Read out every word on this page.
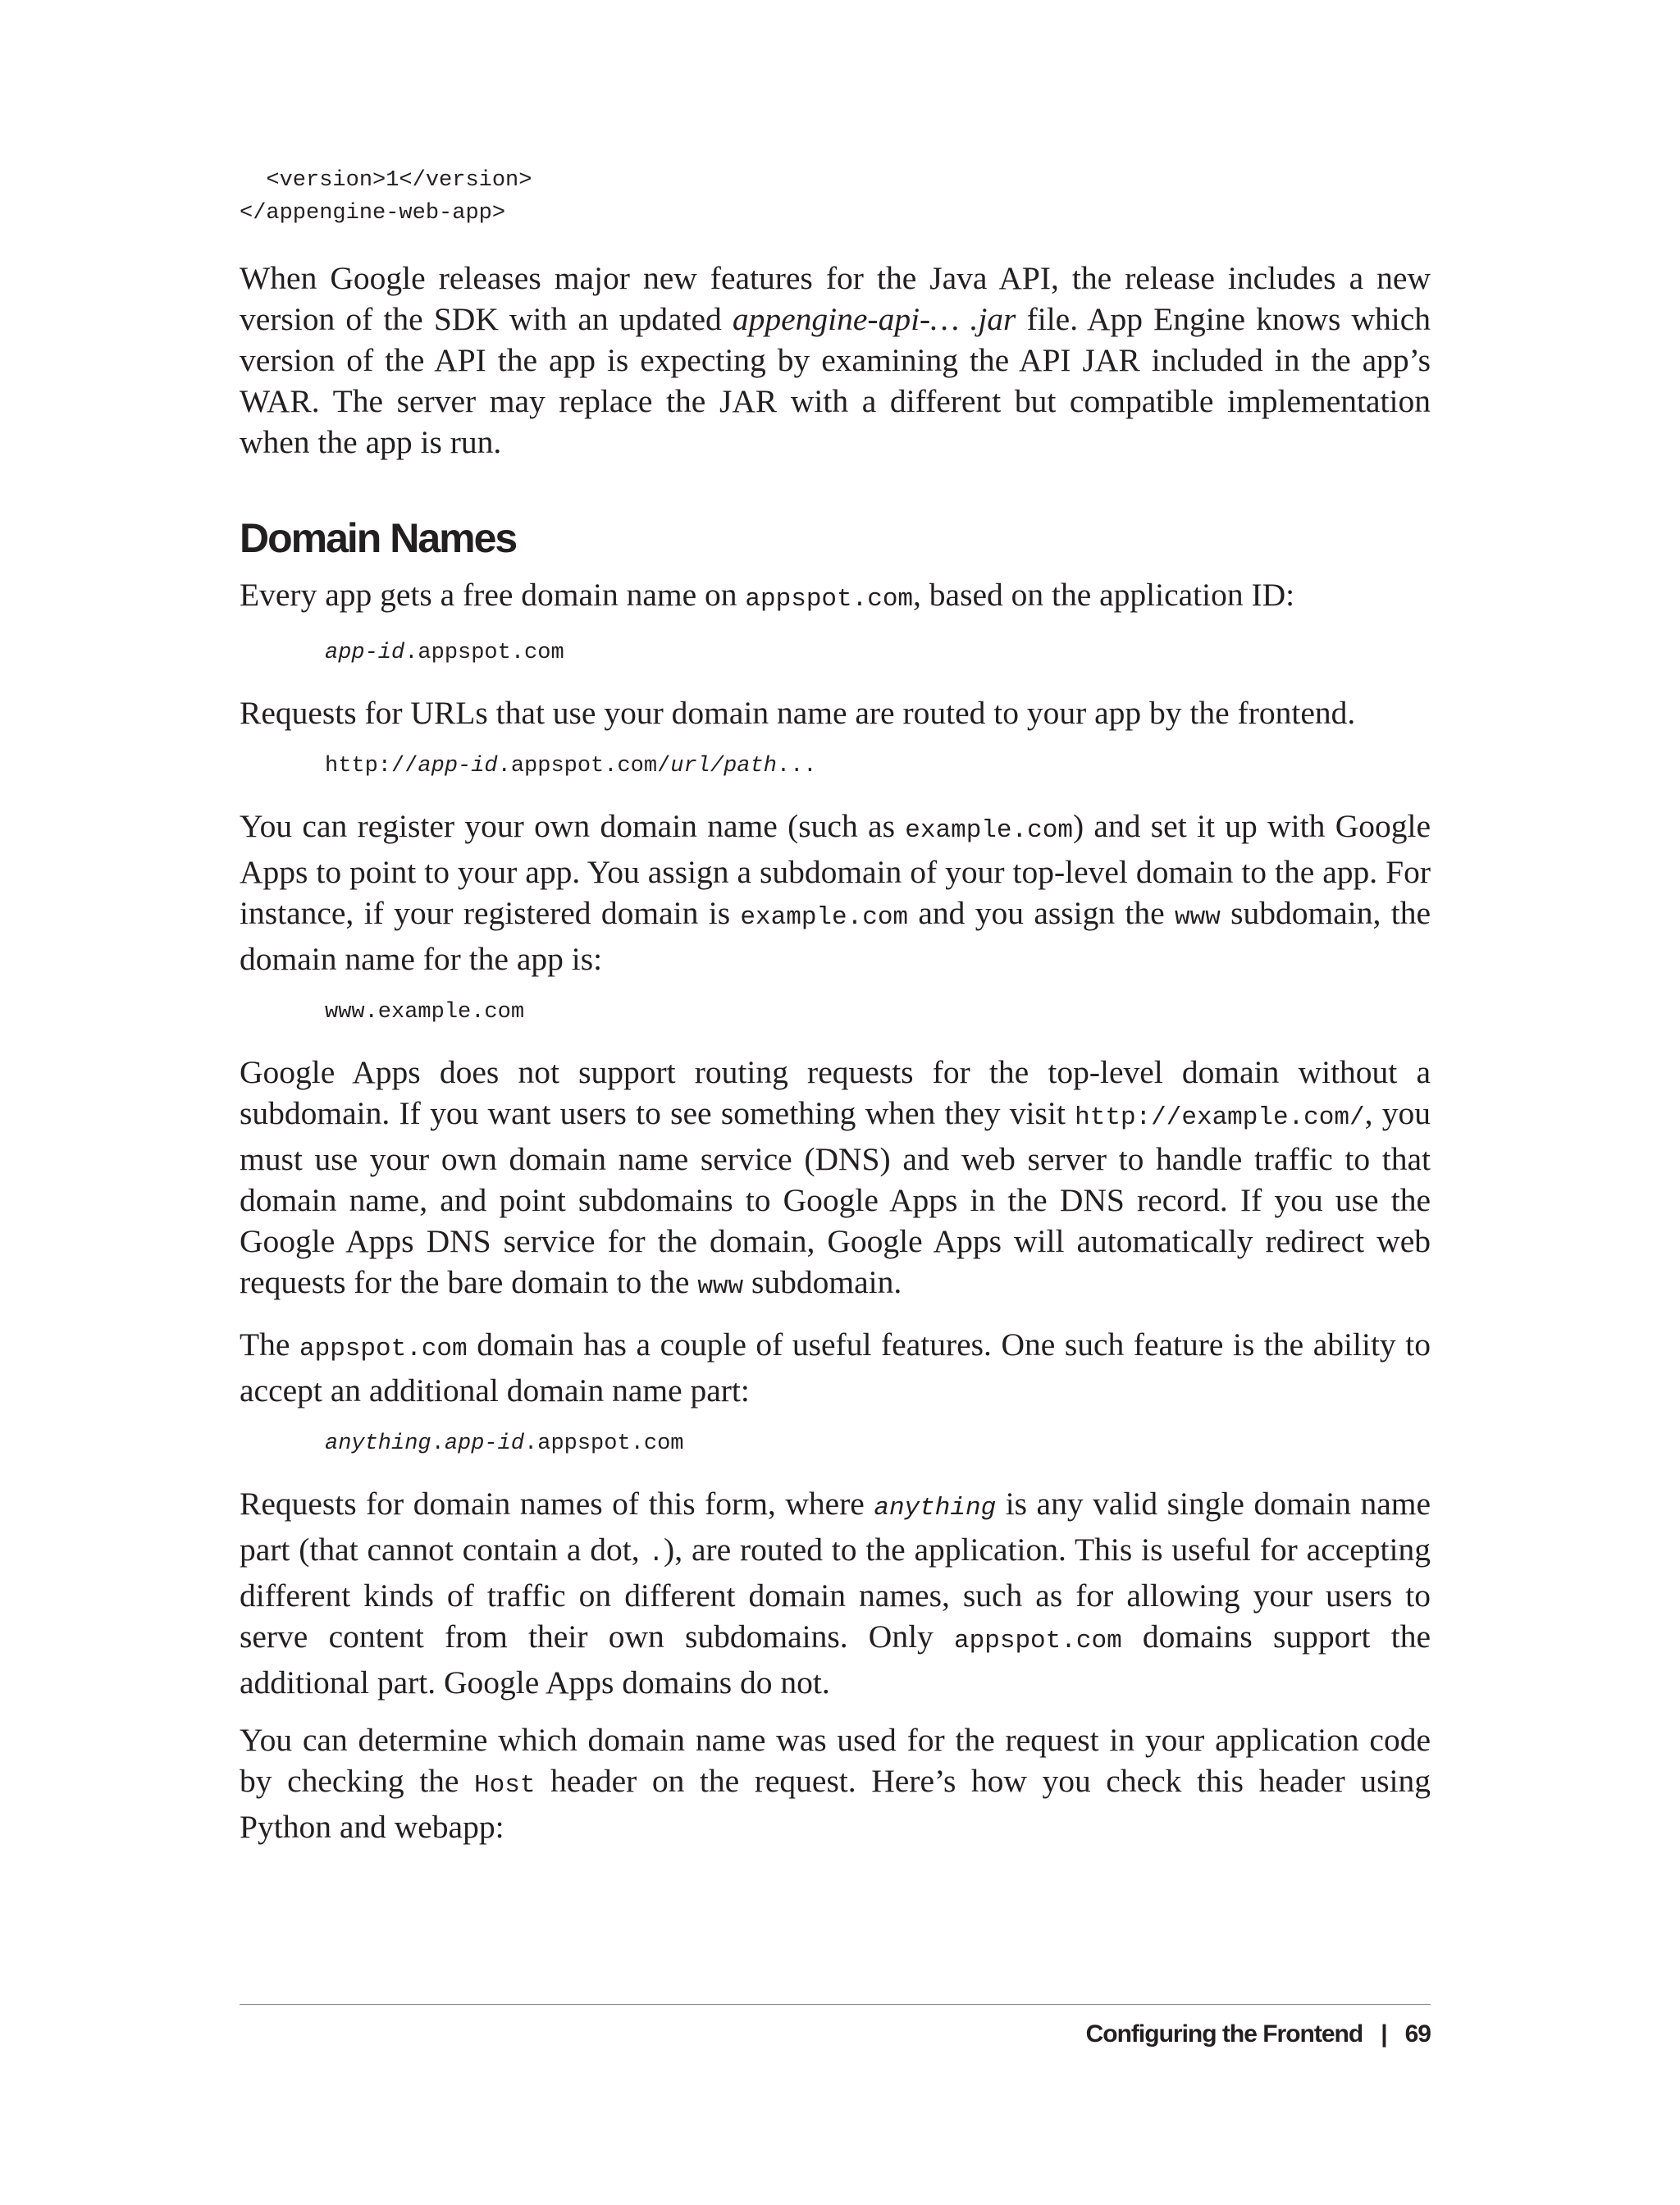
<version>1</version>
</appengine-web-app>

When Google releases major new features for the Java API, the release includes a new version of the SDK with an updated appengine-api-… .jar file. App Engine knows which version of the API the app is expecting by examining the API JAR included in the app’s WAR. The server may replace the JAR with a different but compatible implementation when the app is run.

Domain Names

Every app gets a free domain name on appspot.com, based on the application ID:

app-id.appspot.com

Requests for URLs that use your domain name are routed to your app by the frontend.

http://app-id.appspot.com/url/path...

You can register your own domain name (such as example.com) and set it up with Google Apps to point to your app. You assign a subdomain of your top-level domain to the app. For instance, if your registered domain is example.com and you assign the www subdomain, the domain name for the app is:

www.example.com

Google Apps does not support routing requests for the top-level domain without a subdomain. If you want users to see something when they visit http://example.com/, you must use your own domain name service (DNS) and web server to handle traffic to that domain name, and point subdomains to Google Apps in the DNS record. If you use the Google Apps DNS service for the domain, Google Apps will automatically redirect web requests for the bare domain to the www subdomain.

The appspot.com domain has a couple of useful features. One such feature is the ability to accept an additional domain name part:

anything.app-id.appspot.com

Requests for domain names of this form, where anything is any valid single domain name part (that cannot contain a dot, .), are routed to the application. This is useful for accepting different kinds of traffic on different domain names, such as for allowing your users to serve content from their own subdomains. Only appspot.com domains support the additional part. Google Apps domains do not.

You can determine which domain name was used for the request in your application code by checking the Host header on the request. Here’s how you check this header using Python and webapp:

Configuring the Frontend | 69
